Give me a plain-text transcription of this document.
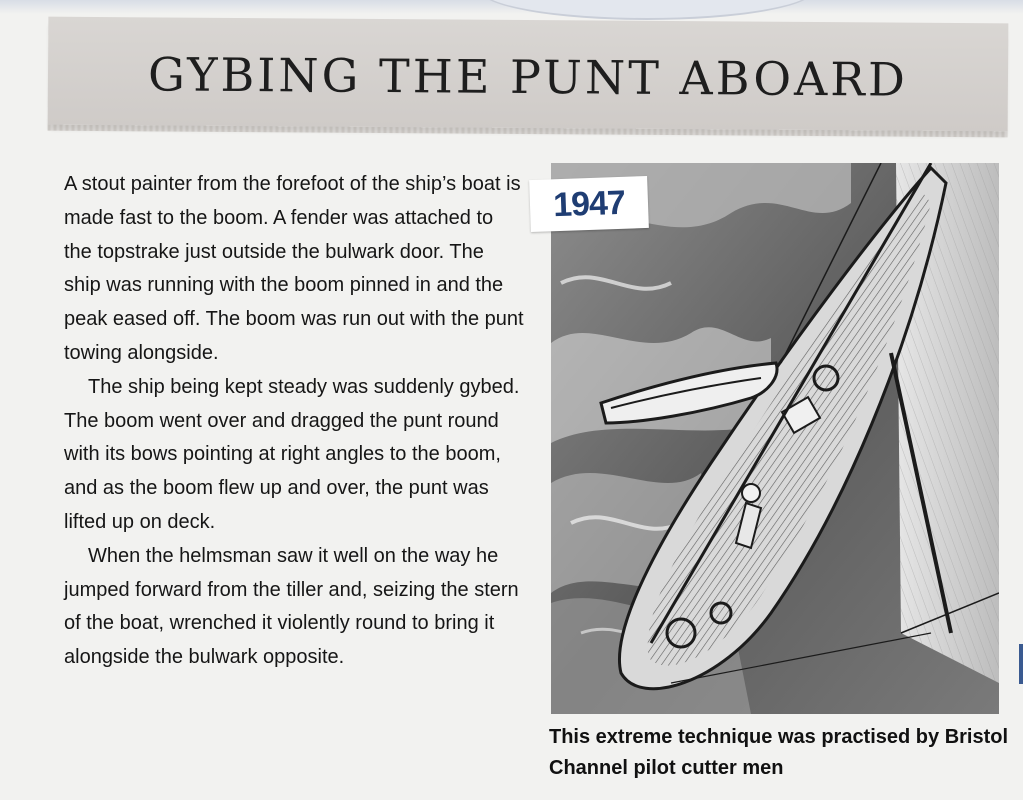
GYBING THE PUNT ABOARD

A stout painter from the forefoot of the ship’s boat is made fast to the boom. A fender was attached to the topstrake just outside the bulwark door. The ship was running with the boom pinned in and the peak eased off. The boom was run out with the punt towing alongside.

The ship being kept steady was suddenly gybed. The boom went over and dragged the punt round with its bows pointing at right angles to the boom, and as the boom flew up and over, the punt was lifted up on deck.

When the helmsman saw it well on the way he jumped forward from the tiller and, seizing the stern of the boat, wrenched it violently round to bring it alongside the bulwark opposite.

1947
This extreme technique was practised by Bristol Channel pilot cutter men
